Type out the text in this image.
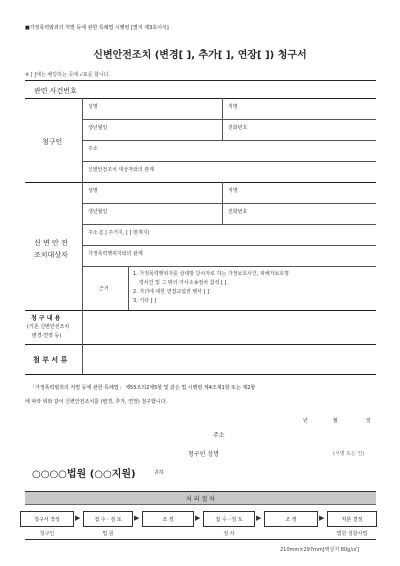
■가정폭력범죄의 처벌 등에 관한 특례법 시행령 [별지 제3호서식]
신변안전조치 (변경[ ], 추가[ ], 연장[ ]) 청구서
※ [ ]에는 해당하는 곳에 √표를 합니다.
관련 사건번호
청구인
성명	직명
생년월일	전화번호
주소
신변안전조치 대상자와의 관계
신 변 안 전
조치대상자
성명	직명
생년월일	전화번호
주소 ([ ] 주거지, [ ] 현재지)
가정폭력행위자와의 관계
근거
1. 가정폭력행위자를 상대방 당사자로 하는 가정보호사건, 피해자보호명
령사건 및 그 밖의 가사소송절차 참석 [ ]
2. 자녀에 대한 면접교섭권 행사 [ ]
3. 기타 [ ]
청 구 내 용
(기존 신변안전조치
변경·연장 등)
첨 부 서 류
「가정폭력범죄의 처벌 등에 관한 특례법」 제55조의2제5항 및 같은 법 시행령 제4조제1항 또는 제2항
에 따라 위와 같이 신변안전조치를 (변경, 추가, 연장) 청구합니다.
년	월	일
주소
청구인 성명	(서명 또는 인)
○○○○법원 (○○지원)	귀하
처 리 절 차
청구서 작성	▶	접 수 · 검 토	▶	조 정	▶	접 수 · 검 토	▶	조 정	▶	처분 결정
청구인	법 원	검 사	법원 검찰사법
210mm×297mm[백상지 80g/㎡]
